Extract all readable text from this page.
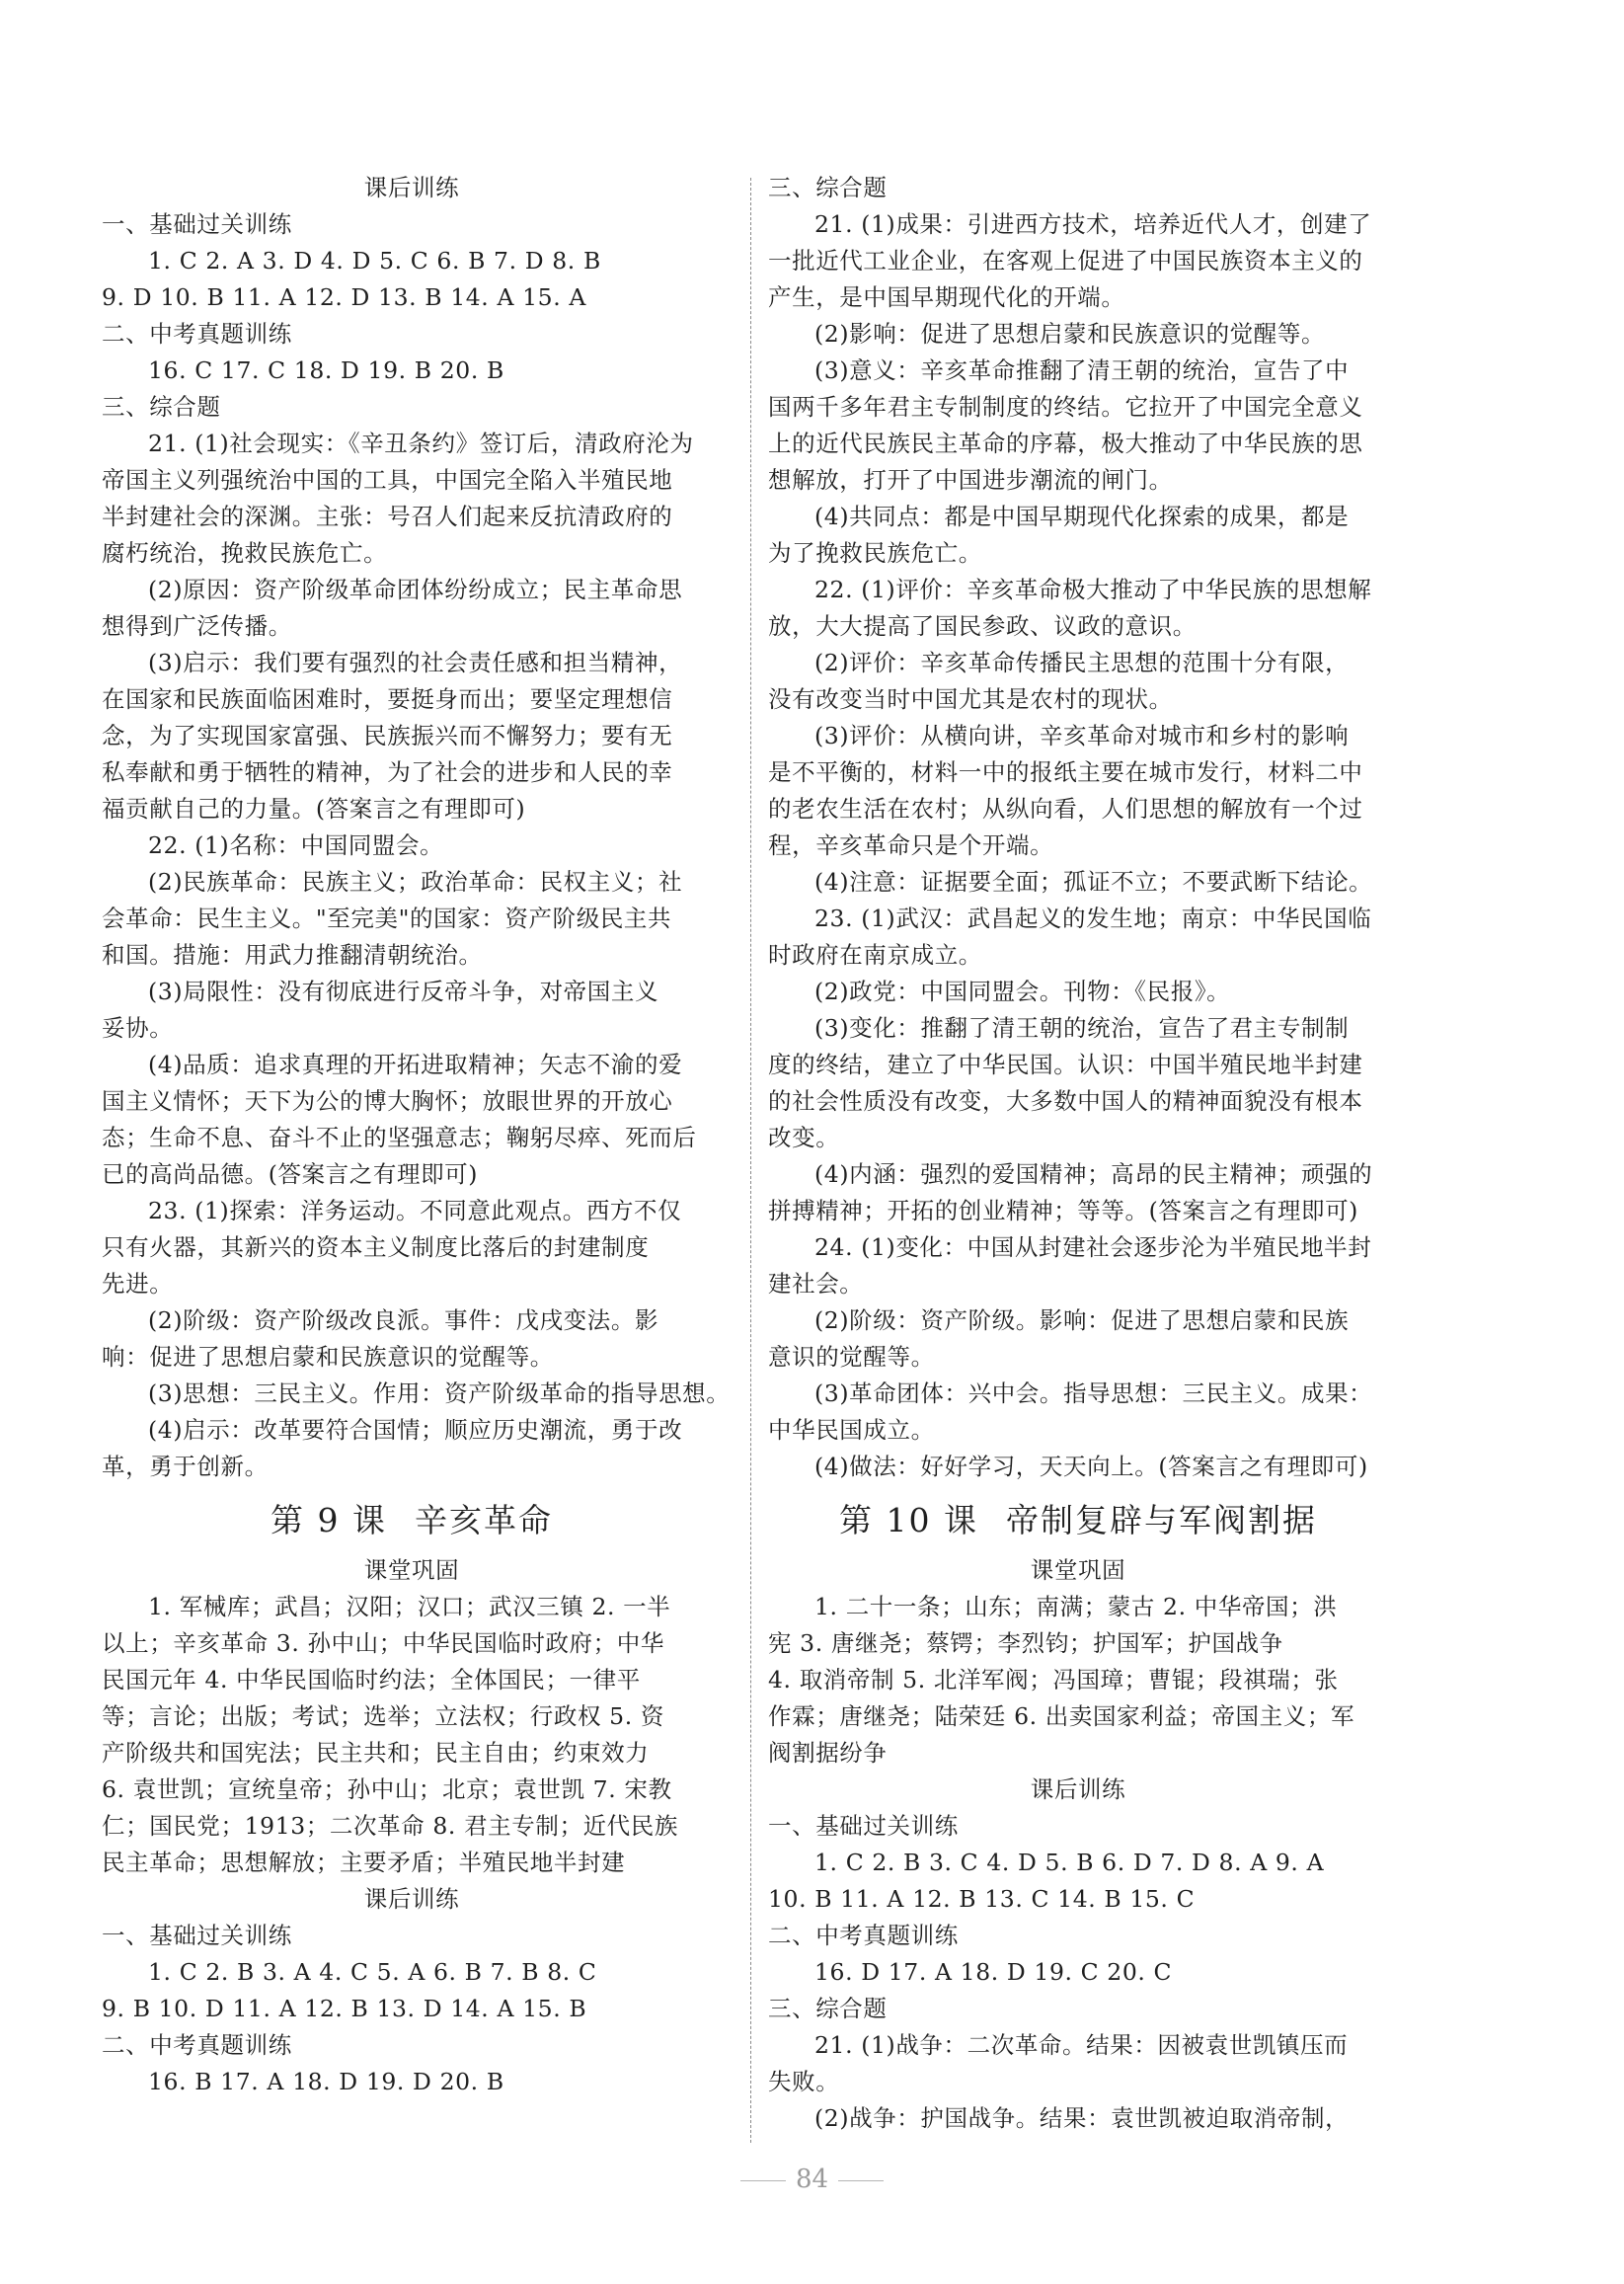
课后训练
一、基础过关训练
1. C 2. A 3. D 4. D 5. C 6. B 7. D 8. B
9. D 10. B 11. A 12. D 13. B 14. A 15. A
二、中考真题训练
16. C 17. C 18. D 19. B 20. B
三、综合题
21. (1)社会现实：《辛丑条约》签订后，清政府沦为
帝国主义列强统治中国的工具，中国完全陷入半殖民地
半封建社会的深渊。主张：号召人们起来反抗清政府的
腐朽统治，挽救民族危亡。
(2)原因：资产阶级革命团体纷纷成立；民主革命思
想得到广泛传播。
(3)启示：我们要有强烈的社会责任感和担当精神，
在国家和民族面临困难时，要挺身而出；要坚定理想信
念，为了实现国家富强、民族振兴而不懈努力；要有无
私奉献和勇于牺牲的精神，为了社会的进步和人民的幸
福贡献自己的力量。(答案言之有理即可)
22. (1)名称：中国同盟会。
(2)民族革命：民族主义；政治革命：民权主义；社
会革命：民生主义。"至完美"的国家：资产阶级民主共
和国。措施：用武力推翻清朝统治。
(3)局限性：没有彻底进行反帝斗争，对帝国主义
妥协。
(4)品质：追求真理的开拓进取精神；矢志不渝的爱
国主义情怀；天下为公的博大胸怀；放眼世界的开放心
态；生命不息、奋斗不止的坚强意志；鞠躬尽瘁、死而后
已的高尚品德。(答案言之有理即可)
23. (1)探索：洋务运动。不同意此观点。西方不仅
只有火器，其新兴的资本主义制度比落后的封建制度
先进。
(2)阶级：资产阶级改良派。事件：戊戌变法。影
响：促进了思想启蒙和民族意识的觉醒等。
(3)思想：三民主义。作用：资产阶级革命的指导思想。
(4)启示：改革要符合国情；顺应历史潮流，勇于改
革，勇于创新。
第 9 课 辛亥革命
课堂巩固
1. 军械库；武昌；汉阳；汉口；武汉三镇 2. 一半
以上；辛亥革命 3. 孙中山；中华民国临时政府；中华
民国元年 4. 中华民国临时约法；全体国民；一律平
等；言论；出版；考试；选举；立法权；行政权 5. 资
产阶级共和国宪法；民主共和；民主自由；约束效力
6. 袁世凯；宣统皇帝；孙中山；北京；袁世凯 7. 宋教
仁；国民党；1913；二次革命 8. 君主专制；近代民族
民主革命；思想解放；主要矛盾；半殖民地半封建
课后训练
一、基础过关训练
1. C 2. B 3. A 4. C 5. A 6. B 7. B 8. C
9. B 10. D 11. A 12. B 13. D 14. A 15. B
二、中考真题训练
16. B 17. A 18. D 19. D 20. B
三、综合题
21. (1)成果：引进西方技术，培养近代人才，创建了
一批近代工业企业，在客观上促进了中国民族资本主义的
产生，是中国早期现代化的开端。
(2)影响：促进了思想启蒙和民族意识的觉醒等。
(3)意义：辛亥革命推翻了清王朝的统治，宣告了中
国两千多年君主专制制度的终结。它拉开了中国完全意义
上的近代民族民主革命的序幕，极大推动了中华民族的思
想解放，打开了中国进步潮流的闸门。
(4)共同点：都是中国早期现代化探索的成果，都是
为了挽救民族危亡。
22. (1)评价：辛亥革命极大推动了中华民族的思想解
放，大大提高了国民参政、议政的意识。
(2)评价：辛亥革命传播民主思想的范围十分有限，
没有改变当时中国尤其是农村的现状。
(3)评价：从横向讲，辛亥革命对城市和乡村的影响
是不平衡的，材料一中的报纸主要在城市发行，材料二中
的老农生活在农村；从纵向看，人们思想的解放有一个过
程，辛亥革命只是个开端。
(4)注意：证据要全面；孤证不立；不要武断下结论。
23. (1)武汉：武昌起义的发生地；南京：中华民国临
时政府在南京成立。
(2)政党：中国同盟会。刊物：《民报》。
(3)变化：推翻了清王朝的统治，宣告了君主专制制
度的终结，建立了中华民国。认识：中国半殖民地半封建
的社会性质没有改变，大多数中国人的精神面貌没有根本
改变。
(4)内涵：强烈的爱国精神；高昂的民主精神；顽强的
拼搏精神；开拓的创业精神；等等。(答案言之有理即可)
24. (1)变化：中国从封建社会逐步沦为半殖民地半封
建社会。
(2)阶级：资产阶级。影响：促进了思想启蒙和民族
意识的觉醒等。
(3)革命团体：兴中会。指导思想：三民主义。成果：
中华民国成立。
(4)做法：好好学习，天天向上。(答案言之有理即可)
第 10 课 帝制复辟与军阀割据
课堂巩固
1. 二十一条；山东；南满；蒙古 2. 中华帝国；洪
宪 3. 唐继尧；蔡锷；李烈钧；护国军；护国战争
4. 取消帝制 5. 北洋军阀；冯国璋；曹锟；段祺瑞；张
作霖；唐继尧；陆荣廷 6. 出卖国家利益；帝国主义；军
阀割据纷争
课后训练
一、基础过关训练
1. C 2. B 3. C 4. D 5. B 6. D 7. D 8. A 9. A
10. B 11. A 12. B 13. C 14. B 15. C
二、中考真题训练
16. D 17. A 18. D 19. C 20. C
三、综合题
21. (1)战争：二次革命。结果：因被袁世凯镇压而
失败。
(2)战争：护国战争。结果：袁世凯被迫取消帝制，
84
